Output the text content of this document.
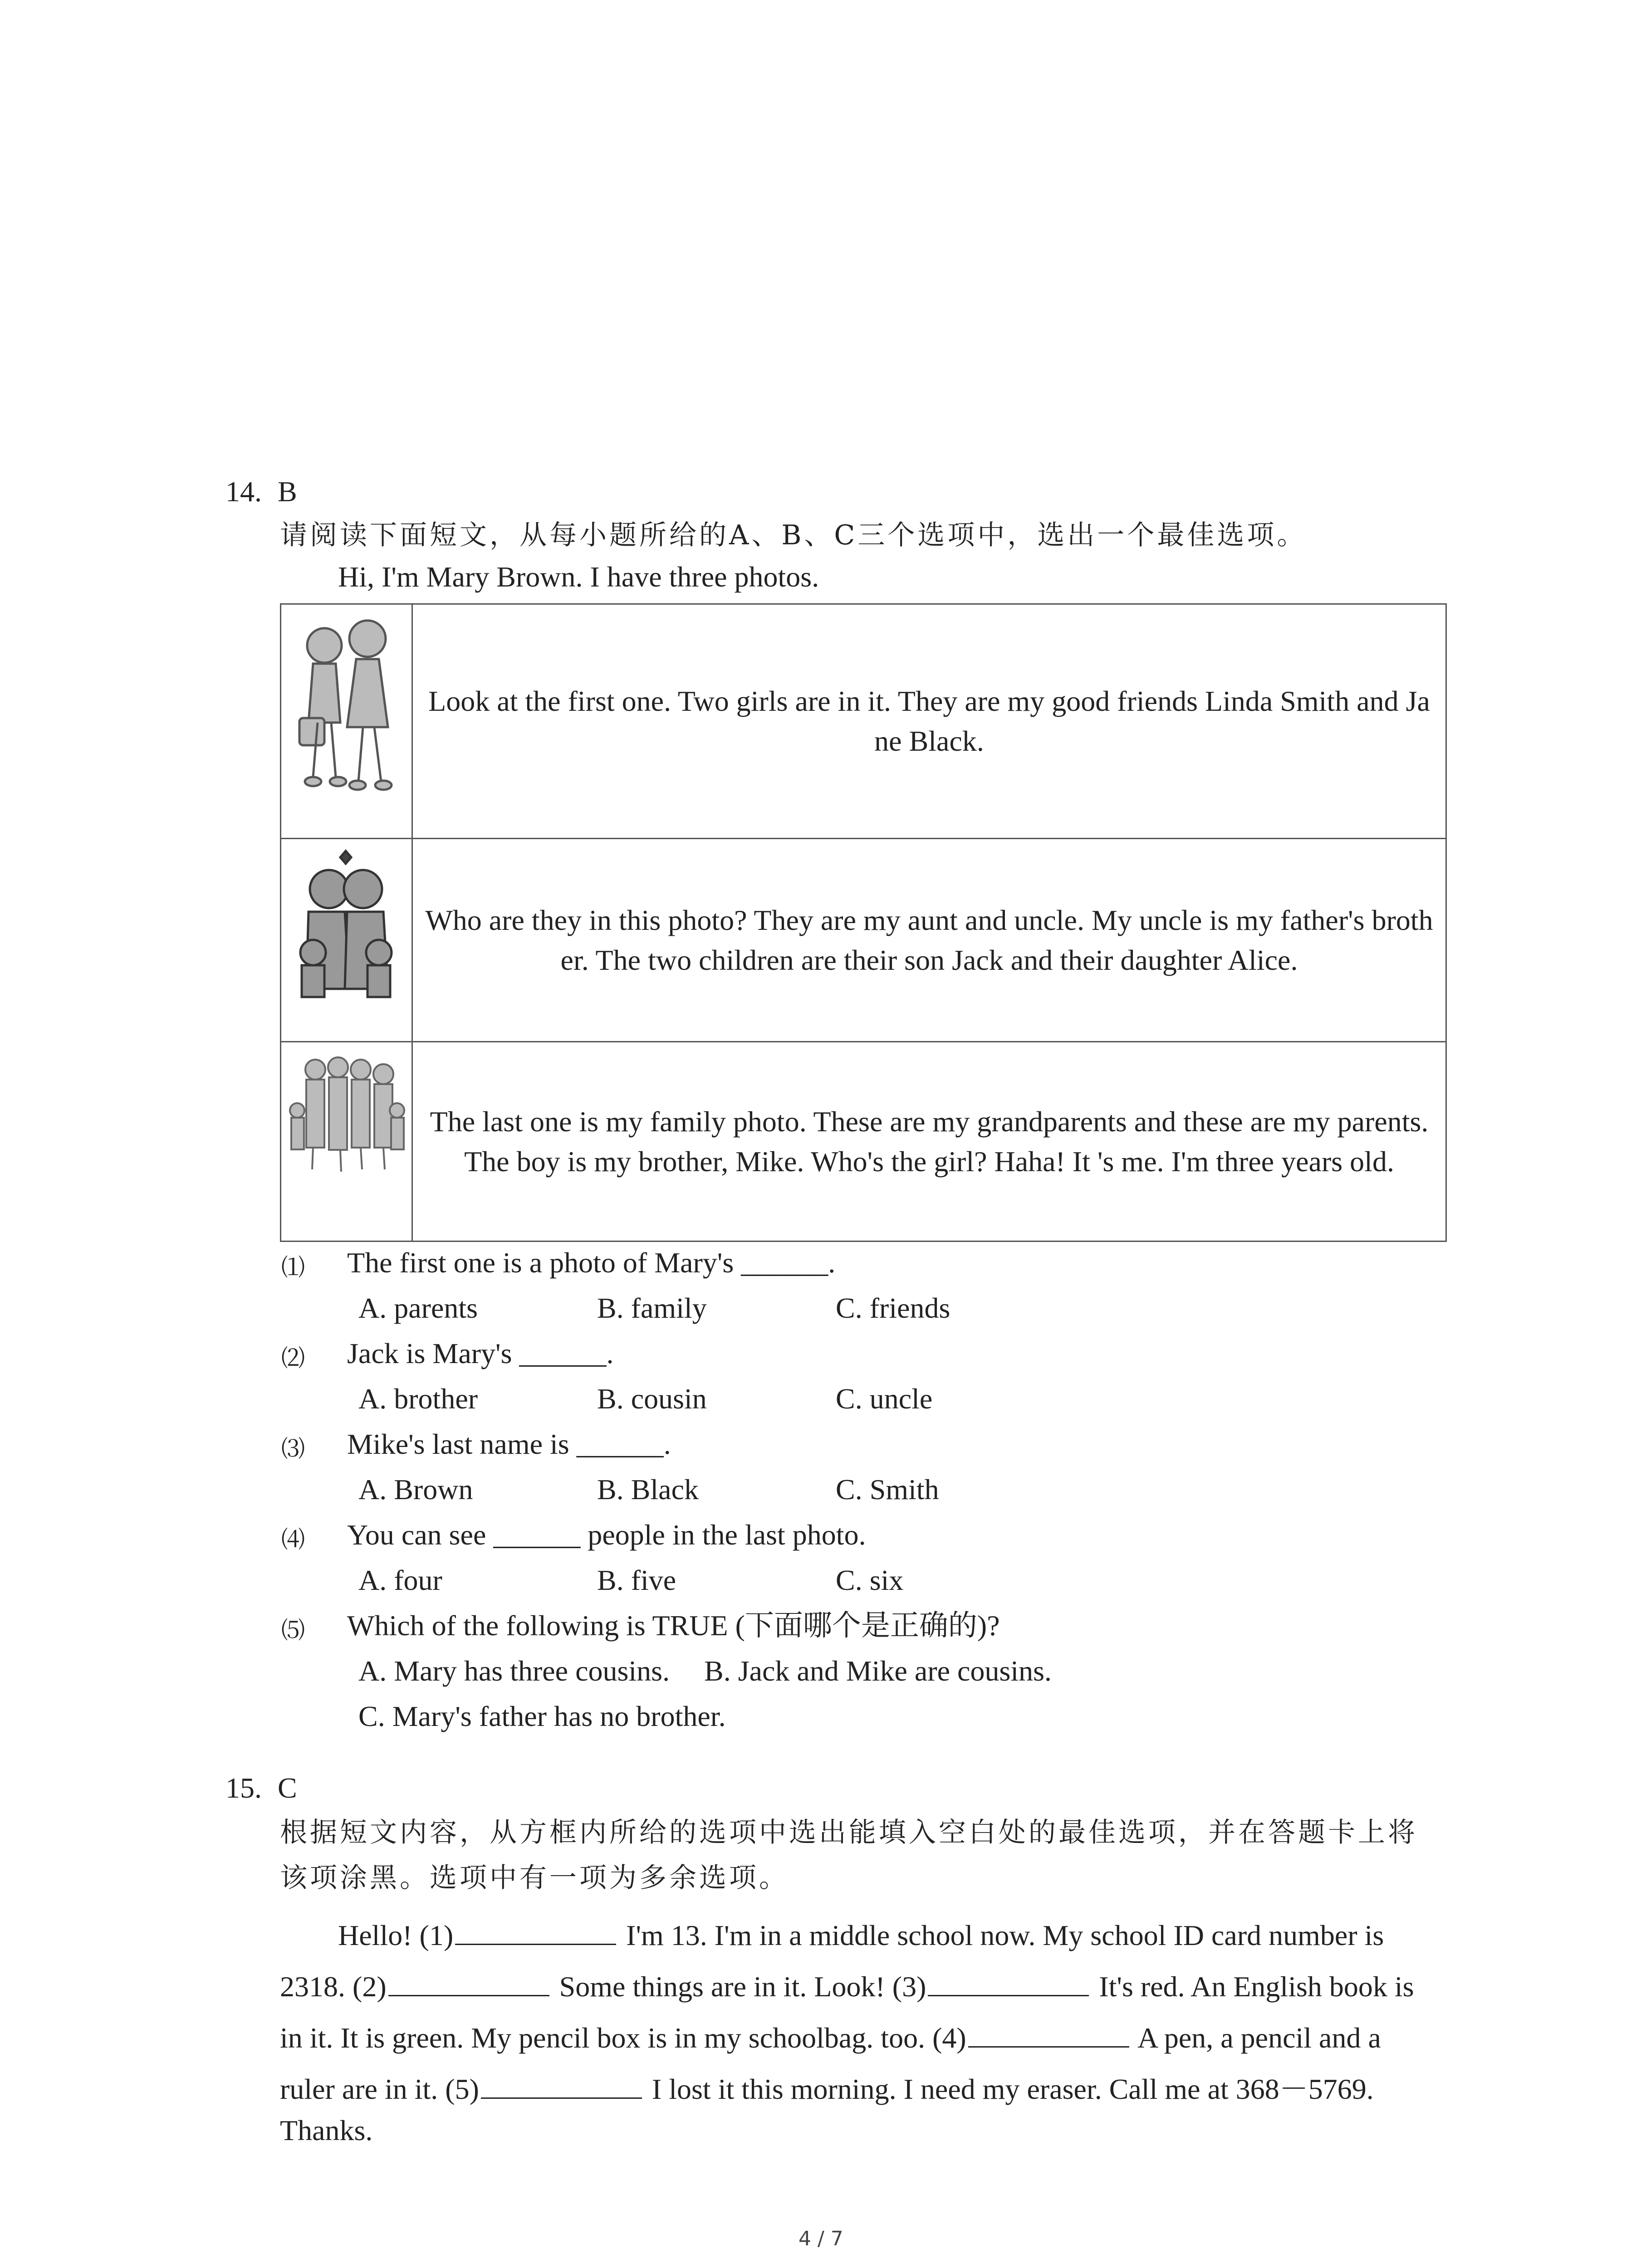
14. B
请阅读下面短文，从每小题所给的A、B、C三个选项中，选出一个最佳选项。
Hi, I'm Mary Brown. I have three photos.
Look at the first one. Two girls are in it. They are my good friends Linda Smith and Jane Black.
Who are they in this photo? They are my aunt and uncle. My uncle is my father's brother. The two children are their son Jack and their daughter Alice.
The last one is my family photo. These are my grandparents and these are my parents. The boy is my brother, Mike. Who's the girl? Haha! It 's me. I'm three years old.
⑴ The first one is a photo of Mary's ______.
A. parents	B. family	C. friends
⑵ Jack is Mary's ______.
A. brother	B. cousin	C. uncle
⑶ Mike's last name is ______.
A. Brown	B. Black	C. Smith
⑷ You can see ______ people in the last photo.
A. four	B. five	C. six
⑸ Which of the following is TRUE (下面哪个是正确的)?
A. Mary has three cousins. B. Jack and Mike are cousins.
C. Mary's father has no brother.
15. C
根据短文内容，从方框内所给的选项中选出能填入空白处的最佳选项，并在答题卡上将
该项涂黑。选项中有一项为多余选项。
Hello! (1)	I'm 13. I'm in a middle school now. My school ID card number is
2318. (2)	Some things are in it. Look! (3)	It's red. An English book is
in it. It is green. My pencil box is in my schoolbag. too. (4)	A pen, a pencil and a
ruler are in it. (5)	I lost it this morning. I need my eraser. Call me at 368－5769.
Thanks.
4 / 7
